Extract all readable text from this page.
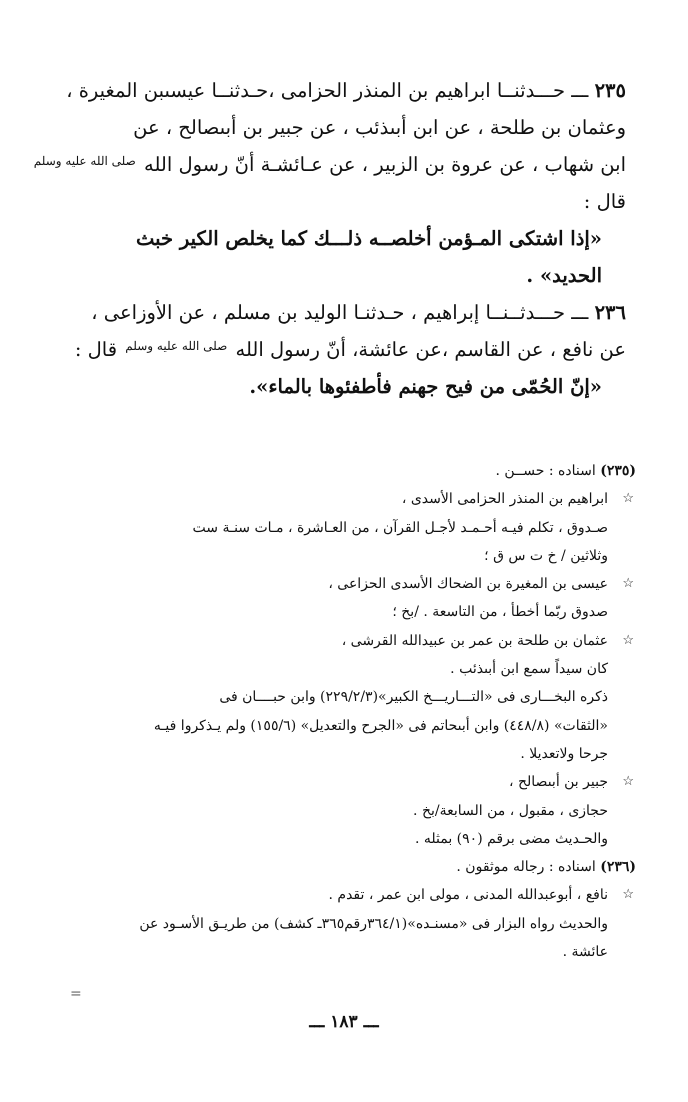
٢٣٥ ـــ حـــدثنــا ابراهيم بن المنذر الحزامى ،حـدثنــا عيسىبن المغيرة ،

وعثمان بن طلحة ، عن ابن أبىذئب ، عن جبير بن أبىصالح ، عن

ابن شهاب ، عن عروة بن الزبير ، عن عـائشـة أنّ رسول الله صلى الله عليه وسلم

قال :

«إذا اشتكى المـؤمن أخلصــه ذلـــك كما يخلص الكير خبث

الحديد» .

٢٣٦ ـــ حـــدثــنــا إبراهيم ، حـدثنـا الوليد بن مسلم ، عن الأوزاعى ،

عن نافع ، عن القاسم ،عن عائشة، أنّ رسول الله صلى الله عليه وسلم قال :

«إنّ الحُمّى من فيح جهنم فأطفئوها بالماء».

(٢٣٥) اسناده : حســن .

☆
ابراهيم بن المنذر الحزامى الأسدى ،

صـدوق ، تكلم فيـه أحـمـد لأجـل القرآن ، من العـاشرة ، مـات سنـة ست

وثلاثين / خ ت س ق ؛

☆
عيسى بن المغيرة بن الضحاك الأسدى الحزاعى ،

صدوق ربّما أخطأ ، من التاسعة . /بخ ؛

☆
عثمان بن طلحة بن عمر بن عبيدالله القرشى ،

كان سيداً سمع ابن أبىذئب .

ذكره البخـــارى فى «التـــاريـــخ الكبير»(٢٢٩/٢/٣) وابن حبــــان فى

«الثقات» (٤٤٨/٨) وابن أبىحاتم فى «الجرح والتعديل» (١٥٥/٦) ولم يـذكروا فيـه

جرحا ولاتعديلا .

☆
جبير بن أبىصالح ،

حجازى ، مقبول ، من السابعة/بخ .

والحـديث مضى برقم (٩٠) بمثله .

(٢٣٦) اسناده : رجاله موثقون .

☆
نافع ، أبوعبدالله المدنى ، مولى ابن عمر ، تقدم .

والحديث رواه البزار فى «مسنـده»(٣٦٤/١رقم٣٦٥ـ كشف) من طريـق الأسـود عن

عائشة .

=
ـــ ١٨٣ ـــ
